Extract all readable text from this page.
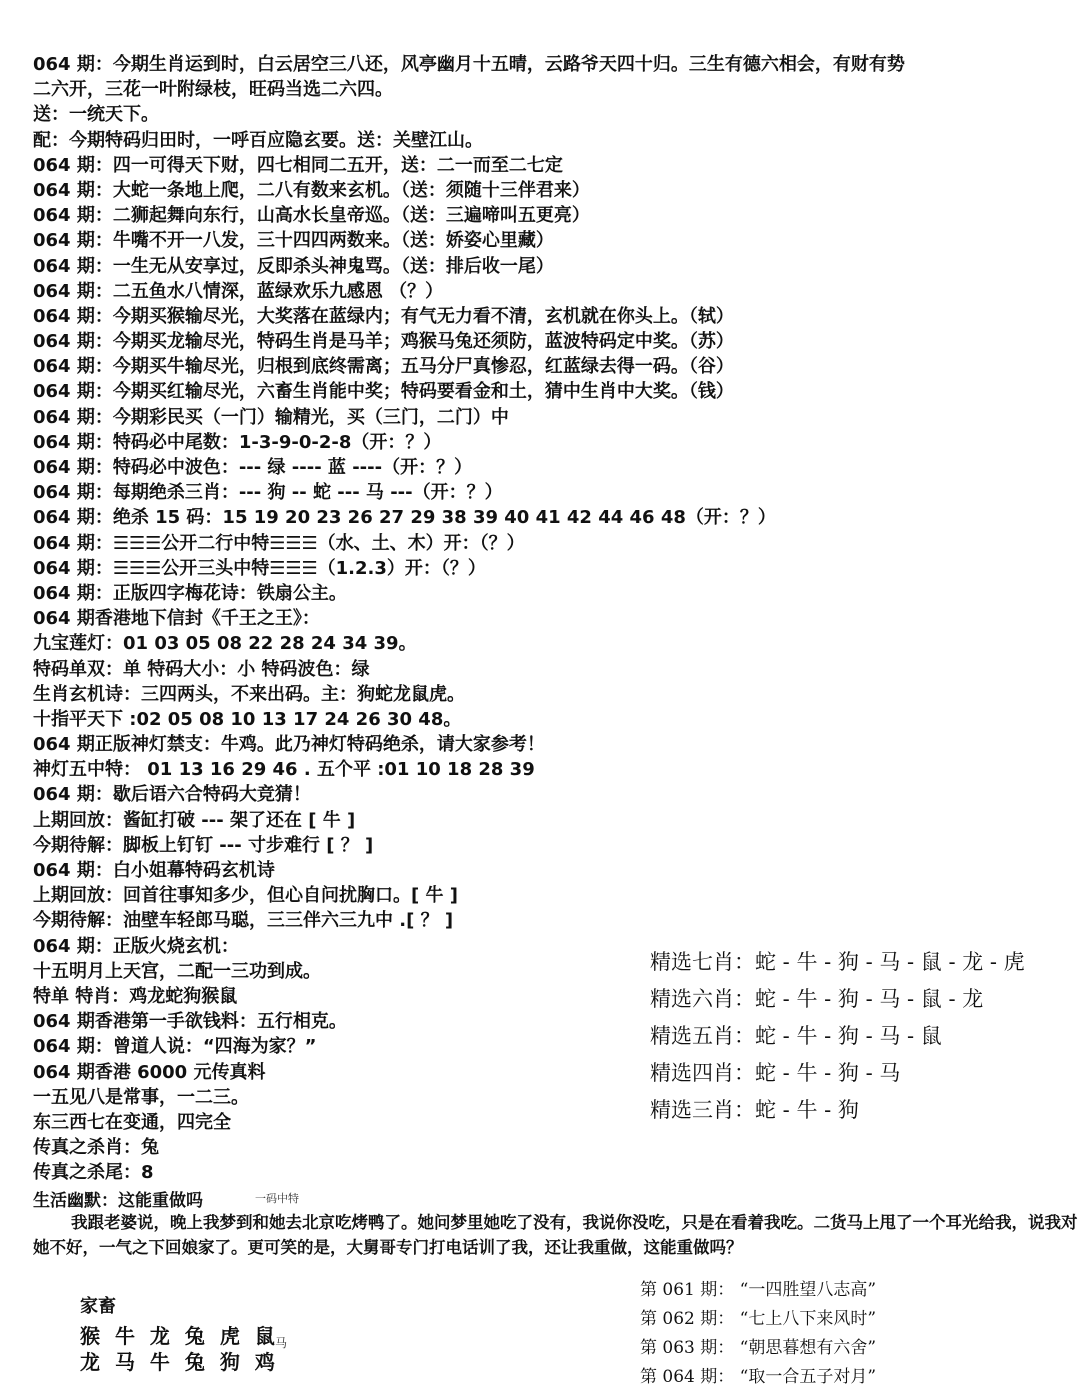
064 期：今期生肖运到时，白云居空三八还，风亭幽月十五晴，云路爷天四十归。三生有德六相会，有财有势
二六开，三花一叶附绿枝，旺码当选二六四。
送：一统天下。
配：今期特码归田时，一呼百应隐玄要。送：关壁江山。
064 期：四一可得天下财，四七相同二五开，送：二一而至二七定
064 期：大蛇一条地上爬，二八有数来玄机。（送：须随十三伴君来）
064 期：二狮起舞向东行，山高水长皇帝巡。（送：三遍啼叫五更亮）
064 期：牛嘴不开一八发，三十四四两数来。（送：娇姿心里藏）
064 期：一生无从安享过，反即杀头神鬼骂。（送：排后收一尾）
064 期：二五鱼水八情深，蓝绿欢乐九感恩 （？）
064 期：今期买猴输尽光，大奖落在蓝绿内；有气无力看不清，玄机就在你头上。（轼）
064 期：今期买龙输尽光，特码生肖是马羊；鸡猴马兔还须防，蓝波特码定中奖。（苏）
064 期：今期买牛输尽光，归根到底终需离；五马分尸真惨忍，红蓝绿去得一码。（谷）
064 期：今期买红输尽光，六畜生肖能中奖；特码要看金和土，猜中生肖中大奖。（钱）
064 期：今期彩民买（一门）输精光，买（三门，二门）中
064 期：特码必中尾数：1-3-9-0-2-8（开：？）
064 期：特码必中波色：--- 绿 ---- 蓝 ----（开：？）
064 期：每期绝杀三肖：--- 狗 -- 蛇 --- 马 ---（开：？）
064 期：绝杀 15 码：15 19 20 23 26 27 29 38 39 40 41 42 44 46 48（开：？）
064 期：☰☰☰公开二行中特☰☰☰（水、土、木）开：（？）
064 期：☰☰☰公开三头中特☰☰☰（1.2.3）开：（？）
064 期：正版四字梅花诗：铁扇公主。
064 期香港地下信封《千王之王》：
九宝莲灯：01 03 05 08 22 28 24 34 39。
特码单双：单 特码大小：小 特码波色：绿
生肖玄机诗：三四两头，不来出码。主：狗蛇龙鼠虎。
十指平天下 :02 05 08 10 13 17 24 26 30 48。
064 期正版神灯禁支：牛鸡。此乃神灯特码绝杀，请大家参考！
神灯五中特： 01 13 16 29 46 . 五个平 :01 10 18 28 39
064 期：歇后语六合特码大竞猜！
上期回放：酱缸打破 --- 架了还在 [ 牛 ]
今期待解：脚板上钉钉 --- 寸步难行 [ ？ ]
064 期：白小姐幕特码玄机诗
上期回放：回首往事知多少，但心自问扰胸口。[ 牛 ]
今期待解：油壁车轻郎马聪，三三伴六三九中 .[ ？ ]
064 期：正版火烧玄机：
十五明月上天宫，二配一三功到成。
特单 特肖：鸡龙蛇狗猴鼠
064 期香港第一手欲钱料：五行相克。
064 期：曾道人说：“四海为家？”
064 期香港 6000 元传真料
一五见八是常事，一二三。
东三西七在变通，四完全
传真之杀肖：兔
传真之杀尾：8
精选七肖：蛇 - 牛 - 狗 - 马 - 鼠 - 龙 - 虎
精选六肖：蛇 - 牛 - 狗 - 马 - 鼠 - 龙
精选五肖：蛇 - 牛 - 狗 - 马 - 鼠
精选四肖：蛇 - 牛 - 狗 - 马
精选三肖：蛇 - 牛 - 狗
生活幽默：这能重做吗	一码中特
我跟老婆说，晚上我梦到和她去北京吃烤鸭了。她问梦里她吃了没有，我说你没吃，只是在看着我吃。二货马上甩了一个耳光给我，说我对她不好，一气之下回娘家了。更可笑的是，大舅哥专门打电话训了我，还让我重做，这能重做吗？
家畜
猴 牛 龙 兔 虎 鼠
龙 马 牛 兔 狗 鸡
马
第 061 期： “一四胜望八志高”
第 062 期： “七上八下来风时”
第 063 期： “朝思暮想有六舍”
第 064 期： “取一合五子对月”
